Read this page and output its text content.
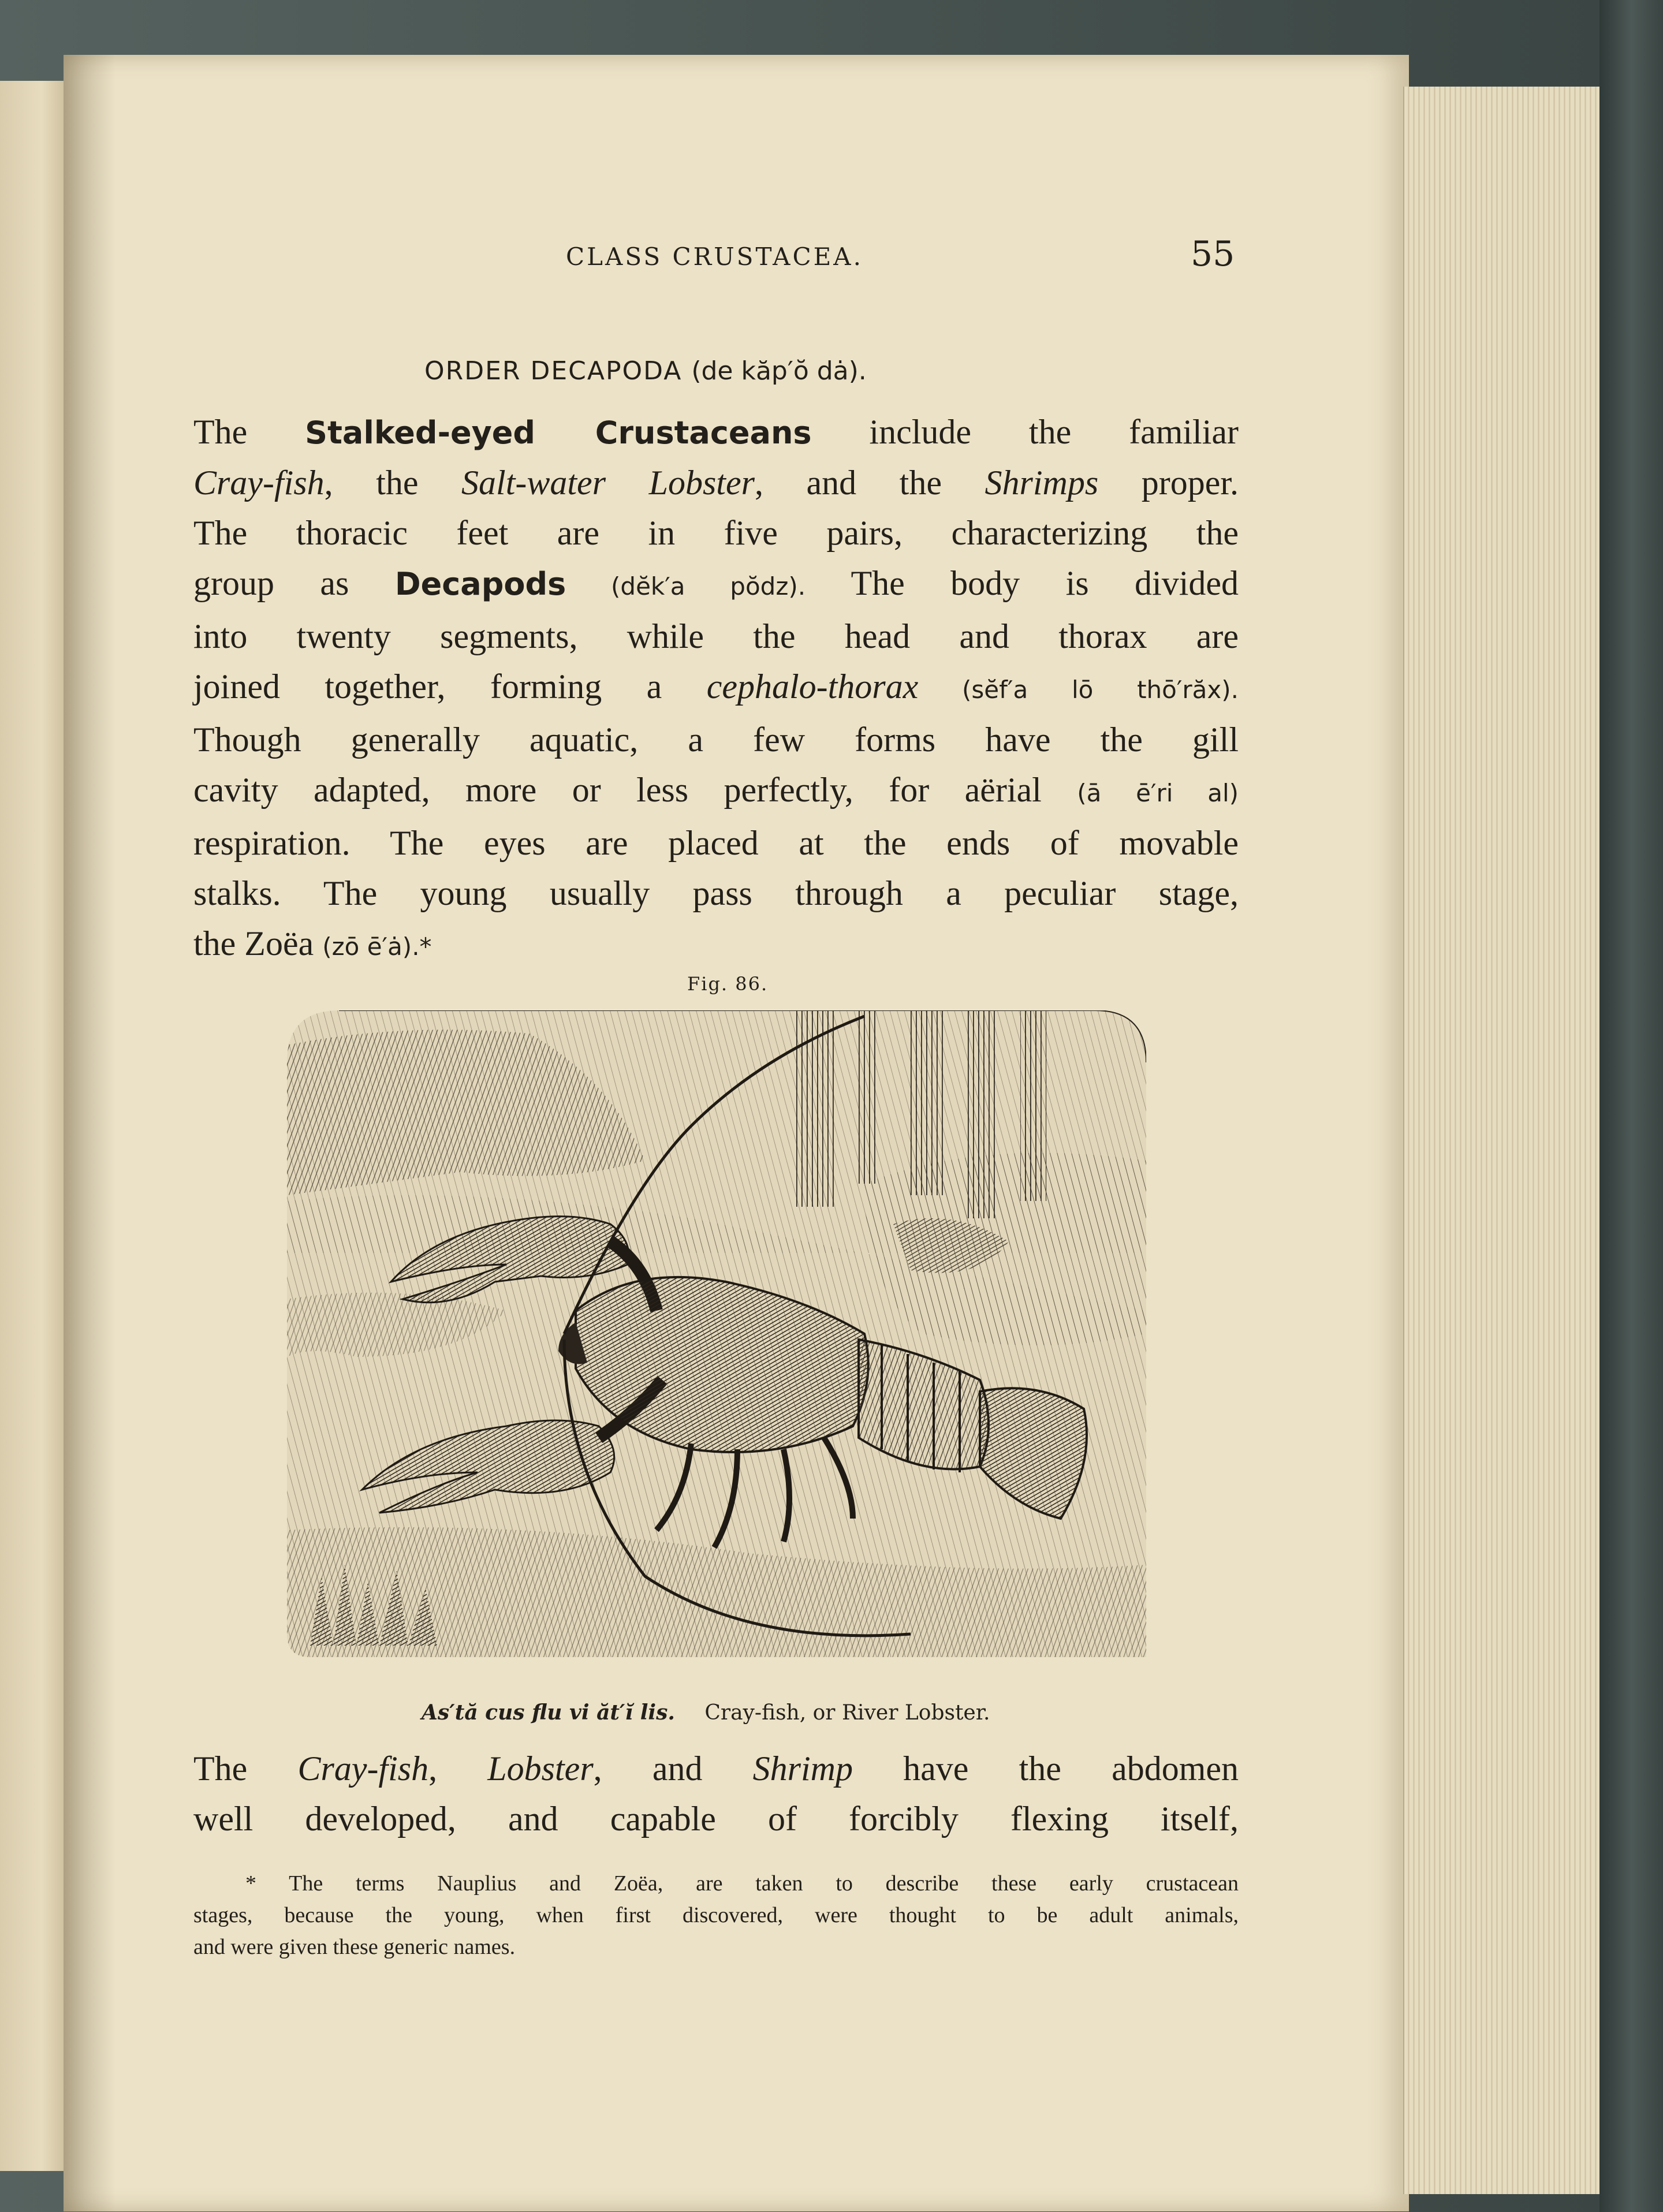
CLASS CRUSTACEA.	55
ORDER DECAPODA (de kăp′ŏ dȧ).
The Stalked-eyed Crustaceans include the familiar
Cray-fish, the Salt-water Lobster, and the Shrimps proper.
The thoracic feet are in five pairs, characterizing the
group as Decapods (dĕk′a pŏdz). The body is divided
into twenty segments, while the head and thorax are
joined together, forming a cephalo-thorax (sĕf′a lō thō′răx).
Though generally aquatic, a few forms have the gill
cavity adapted, more or less perfectly, for aërial (ā ē′ri al)
respiration. The eyes are placed at the ends of movable
stalks. The young usually pass through a peculiar stage,
the Zoëa (zō ē′ȧ).*
Fig. 86.
As′tă cus flu vi ăt′ĭ lis. Cray-fish, or River Lobster.
The Cray-fish, Lobster, and Shrimp have the abdomen
well developed, and capable of forcibly flexing itself,
* The terms Nauplius and Zoëa, are taken to describe these early crustacean
stages, because the young, when first discovered, were thought to be adult animals,
and were given these generic names.
